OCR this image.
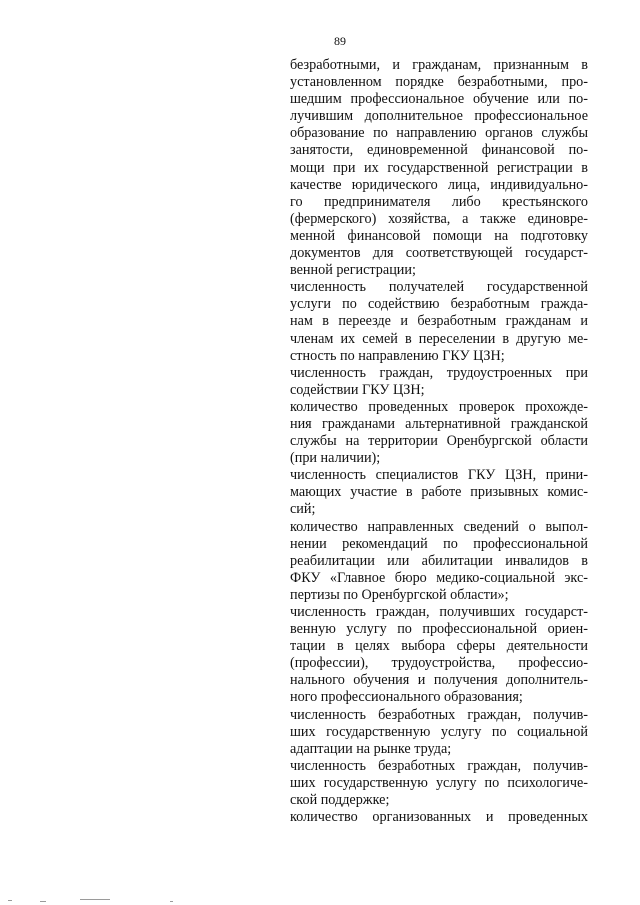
89
безработными, и гражданам, признанным в
установленном порядке безработными, про-
шедшим профессиональное обучение или по-
лучившим дополнительное профессиональное
образование по направлению органов службы
занятости, единовременной финансовой по-
мощи при их государственной регистрации в
качестве юридического лица, индивидуально-
го предпринимателя либо крестьянского
(фермерского) хозяйства, а также единовре-
менной финансовой помощи на подготовку
документов для соответствующей государст-
венной регистрации;
численность получателей государственной
услуги по содействию безработным гражда-
нам в переезде и безработным гражданам и
членам их семей в переселении в другую ме-
стность по направлению ГКУ ЦЗН;
численность граждан, трудоустроенных при
содействии ГКУ ЦЗН;
количество проведенных проверок прохожде-
ния гражданами альтернативной гражданской
службы на территории Оренбургской области
(при наличии);
численность специалистов ГКУ ЦЗН, прини-
мающих участие в работе призывных комис-
сий;
количество направленных сведений о выпол-
нении рекомендаций по профессиональной
реабилитации или абилитации инвалидов в
ФКУ «Главное бюро медико-социальной экс-
пертизы по Оренбургской области»;
численность граждан, получивших государст-
венную услугу по профессиональной ориен-
тации в целях выбора сферы деятельности
(профессии), трудоустройства, профессио-
нального обучения и получения дополнитель-
ного профессионального образования;
численность безработных граждан, получив-
ших государственную услугу по социальной
адаптации на рынке труда;
численность безработных граждан, получив-
ших государственную услугу по психологиче-
ской поддержке;
количество организованных и проведенных
